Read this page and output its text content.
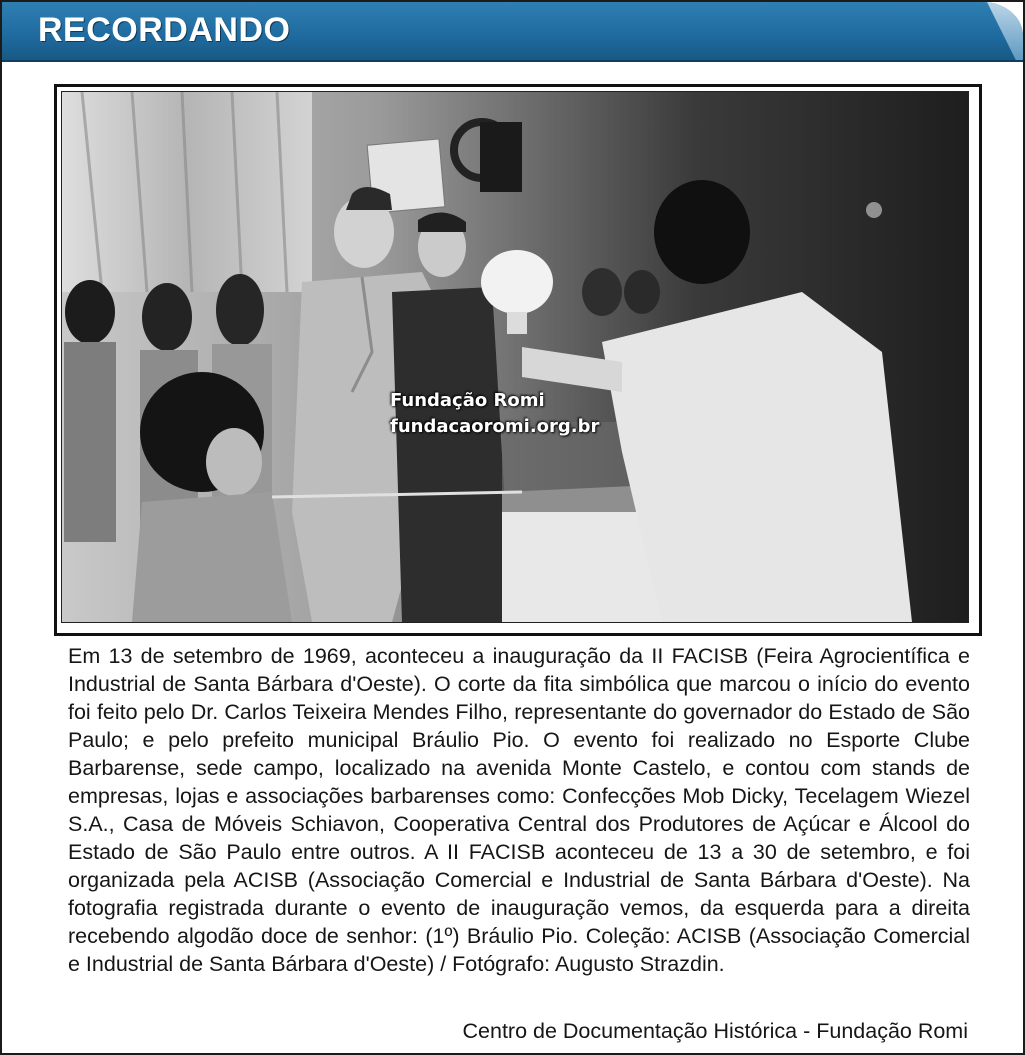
RECORDANDO
Fundação Romi
fundacaoromi.org.br
Em 13 de setembro de 1969, aconteceu a inauguração da II FACISB (Feira Agrocientífica e Industrial de Santa Bárbara d'Oeste). O corte da fita simbólica que marcou o início do evento foi feito pelo Dr. Carlos Teixeira Mendes Filho, representante do governador do Estado de São Paulo; e pelo prefeito municipal Bráulio Pio. O evento foi realizado no Esporte Clube Barbarense, sede campo, localizado na avenida Monte Castelo, e contou com stands de empresas, lojas e associações barbarenses como: Confecções Mob Dicky, Tecelagem Wiezel S.A., Casa de Móveis Schiavon, Cooperativa Central dos Produtores de Açúcar e Álcool do Estado de São Paulo entre outros. A II FACISB aconteceu de 13 a 30 de setembro, e foi organizada pela ACISB (Associação Comercial e Industrial de Santa Bárbara d'Oeste). Na fotografia registrada durante o evento de inauguração vemos, da esquerda para a direita recebendo algodão doce de senhor: (1º) Bráulio Pio. Coleção: ACISB (Associação Comercial e Industrial de Santa Bárbara d'Oeste) / Fotógrafo: Augusto Strazdin.
Centro de Documentação Histórica - Fundação Romi
